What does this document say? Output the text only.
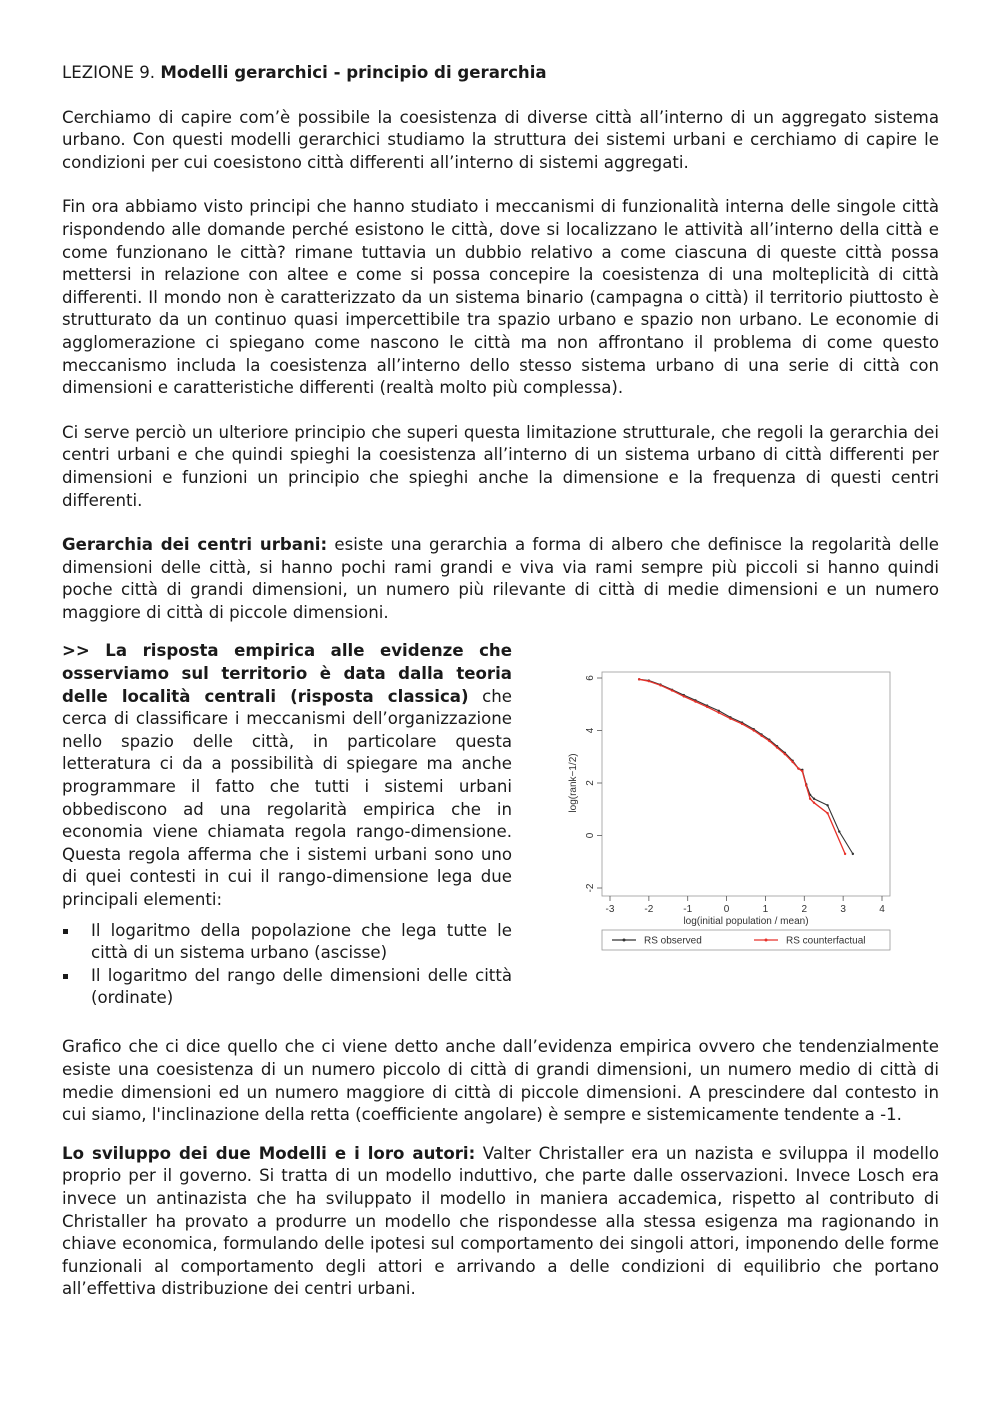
LEZIONE 9. Modelli gerarchici - principio di gerarchia

Cerchiamo di capire com’è possibile la coesistenza di diverse città all’interno di un aggregato sistema urbano. Con questi modelli gerarchici studiamo la struttura dei sistemi urbani e cerchiamo di capire le condizioni per cui coesistono città differenti all’interno di sistemi aggregati.

Fin ora abbiamo visto principi che hanno studiato i meccanismi di funzionalità interna delle singole città rispondendo alle domande perché esistono le città, dove si localizzano le attività all’interno della città e come funzionano le città? rimane tuttavia un dubbio relativo a come ciascuna di queste città possa mettersi in relazione con altee e come si possa concepire la coesistenza di una molteplicità di città differenti. Il mondo non è caratterizzato da un sistema binario (campagna o città) il territorio piuttosto è strutturato da un continuo quasi impercettibile tra spazio urbano e spazio non urbano. Le economie di agglomerazione ci spiegano come nascono le città ma non affrontano il problema di come questo meccanismo includa la coesistenza all’interno dello stesso sistema urbano di una serie di città con dimensioni e caratteristiche differenti (realtà molto più complessa).

Ci serve perciò un ulteriore principio che superi questa limitazione strutturale, che regoli la gerarchia dei centri urbani e che quindi spieghi la coesistenza all’interno di un sistema urbano di città differenti per dimensioni e funzioni un principio che spieghi anche la dimensione e la frequenza di questi centri differenti.

Gerarchia dei centri urbani: esiste una gerarchia a forma di albero che definisce la regolarità delle dimensioni delle città, si hanno pochi rami grandi e viva via rami sempre più piccoli si hanno quindi poche città di grandi dimensioni, un numero più rilevante di città di medie dimensioni e un numero maggiore di città di piccole dimensioni.

>> La risposta empirica alle evidenze che osserviamo sul territorio è data dalla teoria delle località centrali (risposta classica) che cerca di classificare i meccanismi dell’organizzazione nello spazio delle città, in particolare questa letteratura ci da a possibilità di spiegare ma anche programmare il fatto che tutti i sistemi urbani obbediscono ad una regolarità empirica che in economia viene chiamata regola rango-dimensione. Questa regola afferma che i sistemi urbani sono uno di quei contesti in cui il rango-dimensione lega due principali elementi:

Il logaritmo della popolazione che lega tutte le città di un sistema urbano (ascisse)
Il logaritmo del rango delle dimensioni delle città (ordinate)
-3	-2	-1	0	1	2	3	4
-2
0
2
4
6
log(initial population / mean)
log(rank−1/2)
RS observed	RS counterfactual

Grafico che ci dice quello che ci viene detto anche dall’evidenza empirica ovvero che tendenzialmente esiste una coesistenza di un numero piccolo di città di grandi dimensioni, un numero medio di città di medie dimensioni ed un numero maggiore di città di piccole dimensioni. A prescindere dal contesto in cui siamo, l'inclinazione della retta (coefficiente angolare) è sempre e sistemicamente tendente a -1.

Lo sviluppo dei due Modelli e i loro autori: Valter Christaller era un nazista e sviluppa il modello proprio per il governo. Si tratta di un modello induttivo, che parte dalle osservazioni. Invece Losch era invece un antinazista che ha sviluppato il modello in maniera accademica, rispetto al contributo di Christaller ha provato a produrre un modello che rispondesse alla stessa esigenza ma ragionando in chiave economica, formulando delle ipotesi sul comportamento dei singoli attori, imponendo delle forme funzionali al comportamento degli attori e arrivando a delle condizioni di equilibrio che portano all’effettiva distribuzione dei centri urbani.
